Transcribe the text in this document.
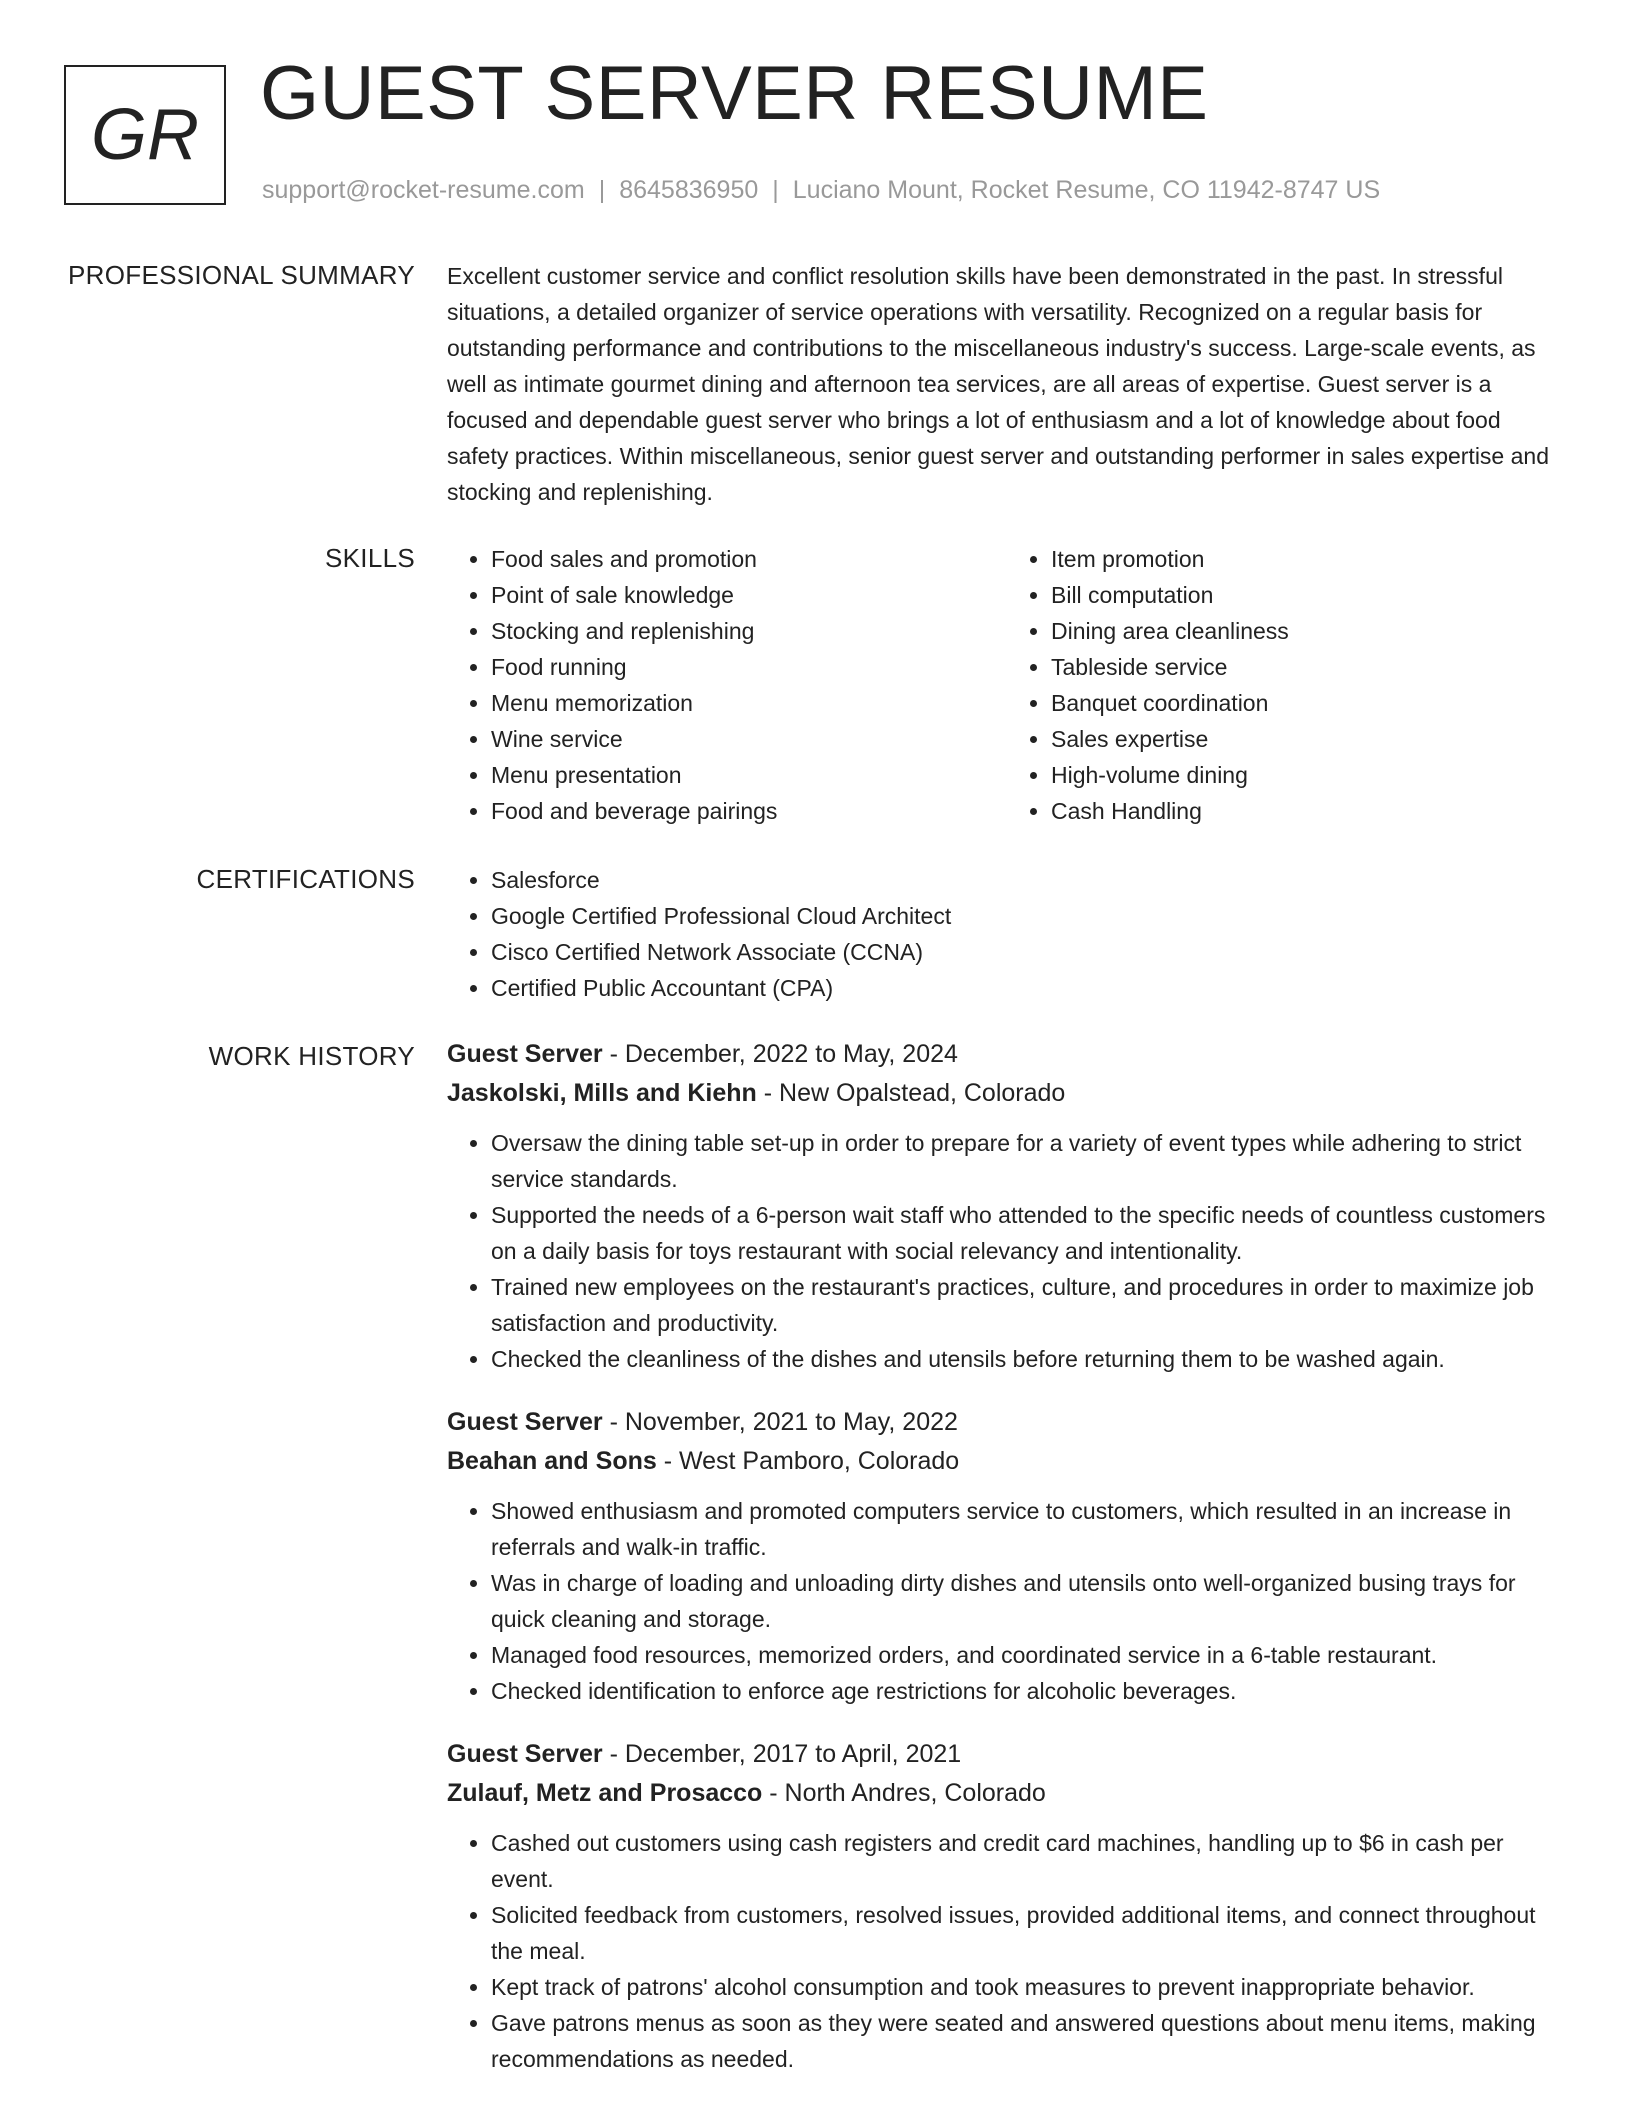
GR GUEST SERVER RESUME
support@rocket-resume.com | 8645836950 | Luciano Mount, Rocket Resume, CO 11942-8747 US
PROFESSIONAL SUMMARY Excellent customer service and conflict resolution skills have been demonstrated in the past. In stressful situations, a detailed organizer of service operations with versatility. Recognized on a regular basis for outstanding performance and contributions to the miscellaneous industry's success. Large-scale events, as well as intimate gourmet dining and afternoon tea services, are all areas of expertise. Guest server is a focused and dependable guest server who brings a lot of enthusiasm and a lot of knowledge about food safety practices. Within miscellaneous, senior guest server and outstanding performer in sales expertise and stocking and replenishing.

SKILLS	• Food sales and promotion
• Point of sale knowledge
• Stocking and replenishing
• Food running
• Menu memorization
• Wine service
• Menu presentation
• Food and beverage pairings
• Item promotion
• Bill computation
• Dining area cleanliness
• Tableside service
• Banquet coordination
• Sales expertise
• High-volume dining
• Cash Handling
CERTIFICATIONS	• Salesforce
• Google Certified Professional Cloud Architect
• Cisco Certified Network Associate (CCNA)
• Certified Public Accountant (CPA)
WORK HISTORY Guest Server - December, 2022 to May, 2024
Jaskolski, Mills and Kiehn - New Opalstead, Colorado
• Oversaw the dining table set-up in order to prepare for a variety of event types while adhering to strict service standards.
• Supported the needs of a 6-person wait staff who attended to the specific needs of countless customers on a daily basis for toys restaurant with social relevancy and intentionality.
• Trained new employees on the restaurant's practices, culture, and procedures in order to maximize job satisfaction and productivity.
• Checked the cleanliness of the dishes and utensils before returning them to be washed again.
Guest Server - November, 2021 to May, 2022
Beahan and Sons - West Pamboro, Colorado
• Showed enthusiasm and promoted computers service to customers, which resulted in an increase in referrals and walk-in traffic.
• Was in charge of loading and unloading dirty dishes and utensils onto well-organized busing trays for quick cleaning and storage.
• Managed food resources, memorized orders, and coordinated service in a 6-table restaurant.
• Checked identification to enforce age restrictions for alcoholic beverages.
Guest Server - December, 2017 to April, 2021
Zulauf, Metz and Prosacco - North Andres, Colorado
• Cashed out customers using cash registers and credit card machines, handling up to $6 in cash per event.
• Solicited feedback from customers, resolved issues, provided additional items, and connect throughout the meal.
• Kept track of patrons' alcohol consumption and took measures to prevent inappropriate behavior.
• Gave patrons menus as soon as they were seated and answered questions about menu items, making recommendations as needed.
